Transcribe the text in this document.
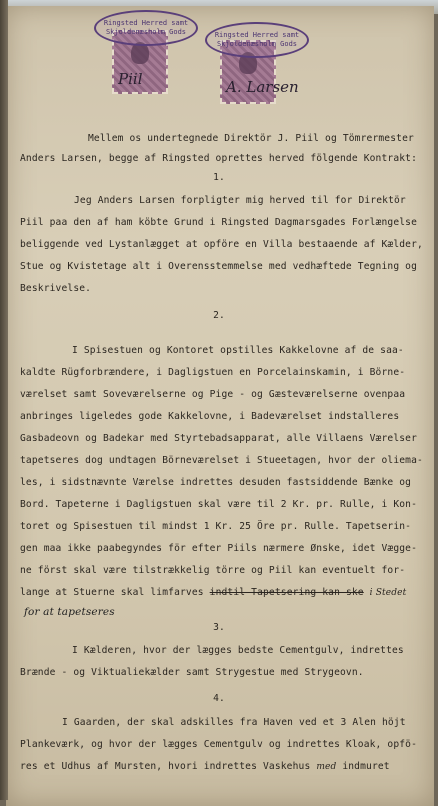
Ringsted Herred samt Skjoldenæsholm Gods	Ringsted Herred samt Skjoldenæsholm Gods
Piil	A. Larsen
Mellem os undertegnede Direktör J. Piil og Tömrermester
Anders Larsen, begge af Ringsted oprettes herved fölgende Kontrakt:
1.
Jeg Anders Larsen forpligter mig herved til for Direktör
Piil paa den af ham köbte Grund i Ringsted Dagmarsgades Forlængelse
beliggende ved Lystanlægget at opföre en Villa bestaaende af Kælder,
Stue og Kvistetage alt i Overensstemmelse med vedhæftede Tegning og
Beskrivelse.
2.
I Spisestuen og Kontoret opstilles Kakkelovne af de saa-
kaldte Rügforbrændere, i Dagligstuen en Porcelainskamin, i Börne-
værelset samt Soveværelserne og Pige - og Gæsteværelserne ovenpaa
anbringes ligeledes gode Kakkelovne, i Badeværelset indstalleres
Gasbadeovn og Badekar med Styrtebadsapparat, alle Villaens Værelser
tapetseres dog undtagen Börneværelset i Stueetagen, hvor der oliema-
les, i sidstnævnte Værelse indrettes desuden fastsiddende Bænke og
Bord. Tapeterne i Dagligstuen skal være til 2 Kr. pr. Rulle, i Kon-
toret og Spisestuen til mindst 1 Kr. 25 Öre pr. Rulle. Tapetserin-
gen maa ikke paabegyndes för efter Piils nærmere Ønske, idet Vægge-
ne först skal være tilstrækkelig törre og Piil kan eventuelt for-
lange at Stuerne skal limfarves indtil Tapetsering kan ske i Stedet
for at tapetseres
3.
I Kælderen, hvor der lægges bedste Cementgulv, indrettes
Brænde - og Viktualiekælder samt Strygestue med Strygeovn.
4.
I Gaarden, der skal adskilles fra Haven ved et 3 Alen höjt
Plankeværk, og hvor der lægges Cementgulv og indrettes Kloak, opfö-
res et Udhus af Mursten, hvori indrettes Vaskehus med indmuret
